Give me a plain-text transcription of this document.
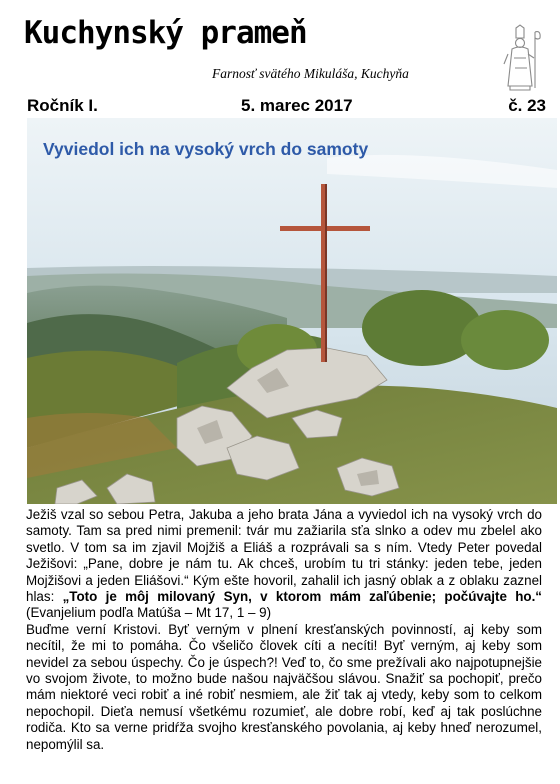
Kuchynský prameň
Farnosť svätého Mikuláša, Kuchyňa
Ročník I.	5. marec 2017	č. 23
Vyviedol ich na vysoký vrch do samoty

Ježiš vzal so sebou Petra, Jakuba a jeho brata Jána a vyviedol ich na vysoký vrch do samoty. Tam sa pred nimi premenil: tvár mu zažiarila sťa slnko a odev mu zbelel ako svetlo. V tom sa im zjavil Mojžiš a Eliáš a rozprávali sa s ním. Vtedy Peter povedal Ježišovi: „Pane, dobre je nám tu. Ak chceš, urobím tu tri stánky: jeden tebe, jeden Mojžišovi a jeden Eliášovi.“ Kým ešte hovoril, zahalil ich jasný oblak a z oblaku zaznel hlas: „Toto je môj milovaný Syn, v ktorom mám zaľúbenie; počúvajte ho.“ (Evanjelium podľa Matúša – Mt 17, 1 – 9)

Buďme verní Kristovi. Byť verným v plnení kresťanských povinností, aj keby som necítil, že mi to pomáha. Čo všeličo človek cíti a necíti! Byť verným, aj keby som nevidel za sebou úspechy. Čo je úspech?! Veď to, čo sme prežívali ako najpotupnejšie vo svojom živote, to možno bude našou najväčšou slávou. Snažiť sa pochopiť, prečo mám niektoré veci robiť a iné robiť nesmiem, ale žiť tak aj vtedy, keby som to celkom nepochopil. Dieťa nemusí všetkému rozumieť, ale dobre robí, keď aj tak poslúchne rodiča. Kto sa verne pridŕža svojho kresťanského povolania, aj keby hneď nerozumel, nepomýlil sa.
